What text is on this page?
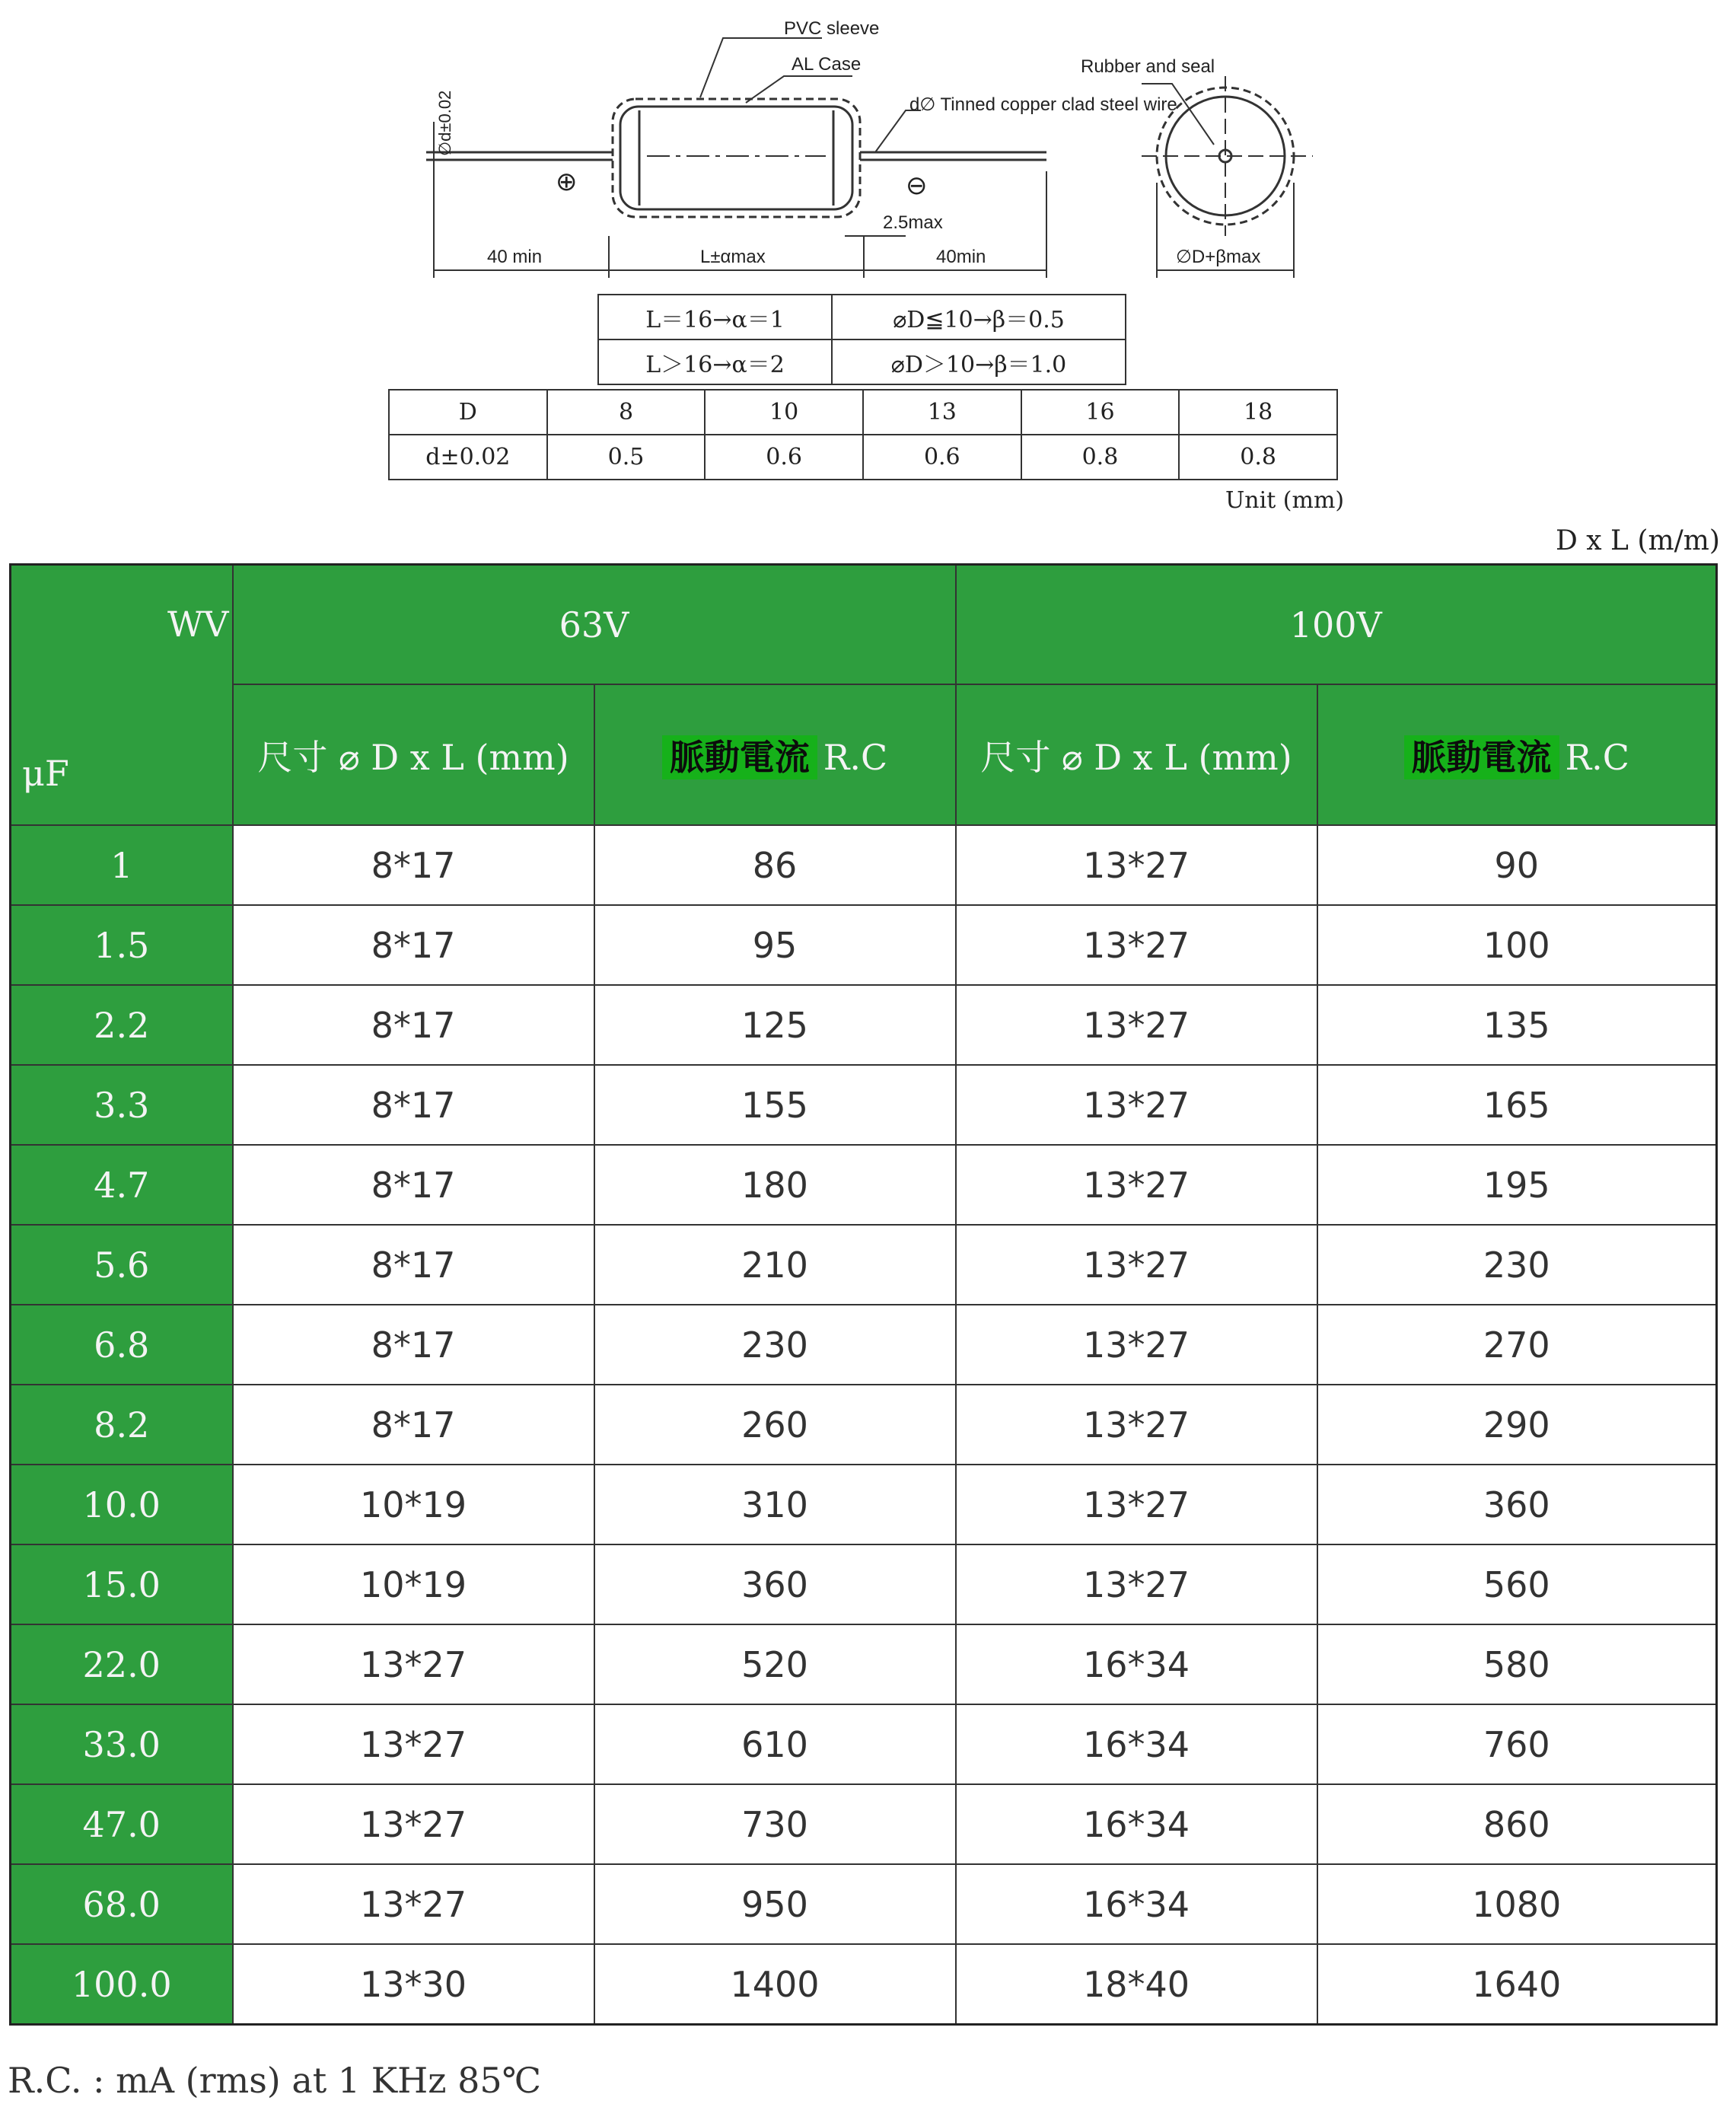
PVC sleeve
AL Case
d∅ Tinned copper clad steel wire
Rubber and seal
∅d±0.02
⊕	⊖
40 min	L±αmax
2.5max
40min	∅D+βmax
L＝16→α＝1	⌀D≦10→β＝0.5
L＞16→α＝2	⌀D＞10→β＝1.0
D	8	10	13	16	18
d±0.02	0.5	0.6	0.6	0.8	0.8
Unit (mm)
D x L (m/m)
WV
μF	63V		100V	
	尺寸 ⌀ D x L (mm)	脈動電流 R.C	尺寸 ⌀ D x L (mm)	脈動電流 R.C
1	8*17	86	13*27	90
1.5	8*17	95	13*27	100
2.2	8*17	125	13*27	135
3.3	8*17	155	13*27	165
4.7	8*17	180	13*27	195
5.6	8*17	210	13*27	230
6.8	8*17	230	13*27	270
8.2	8*17	260	13*27	290
10.0	10*19	310	13*27	360
15.0	10*19	360	13*27	560
22.0	13*27	520	16*34	580
33.0	13*27	610	16*34	760
47.0	13*27	730	16*34	860
68.0	13*27	950	16*34	1080
100.0	13*30	1400	18*40	1640
R.C. : mA (rms) at 1 KHz 85℃
